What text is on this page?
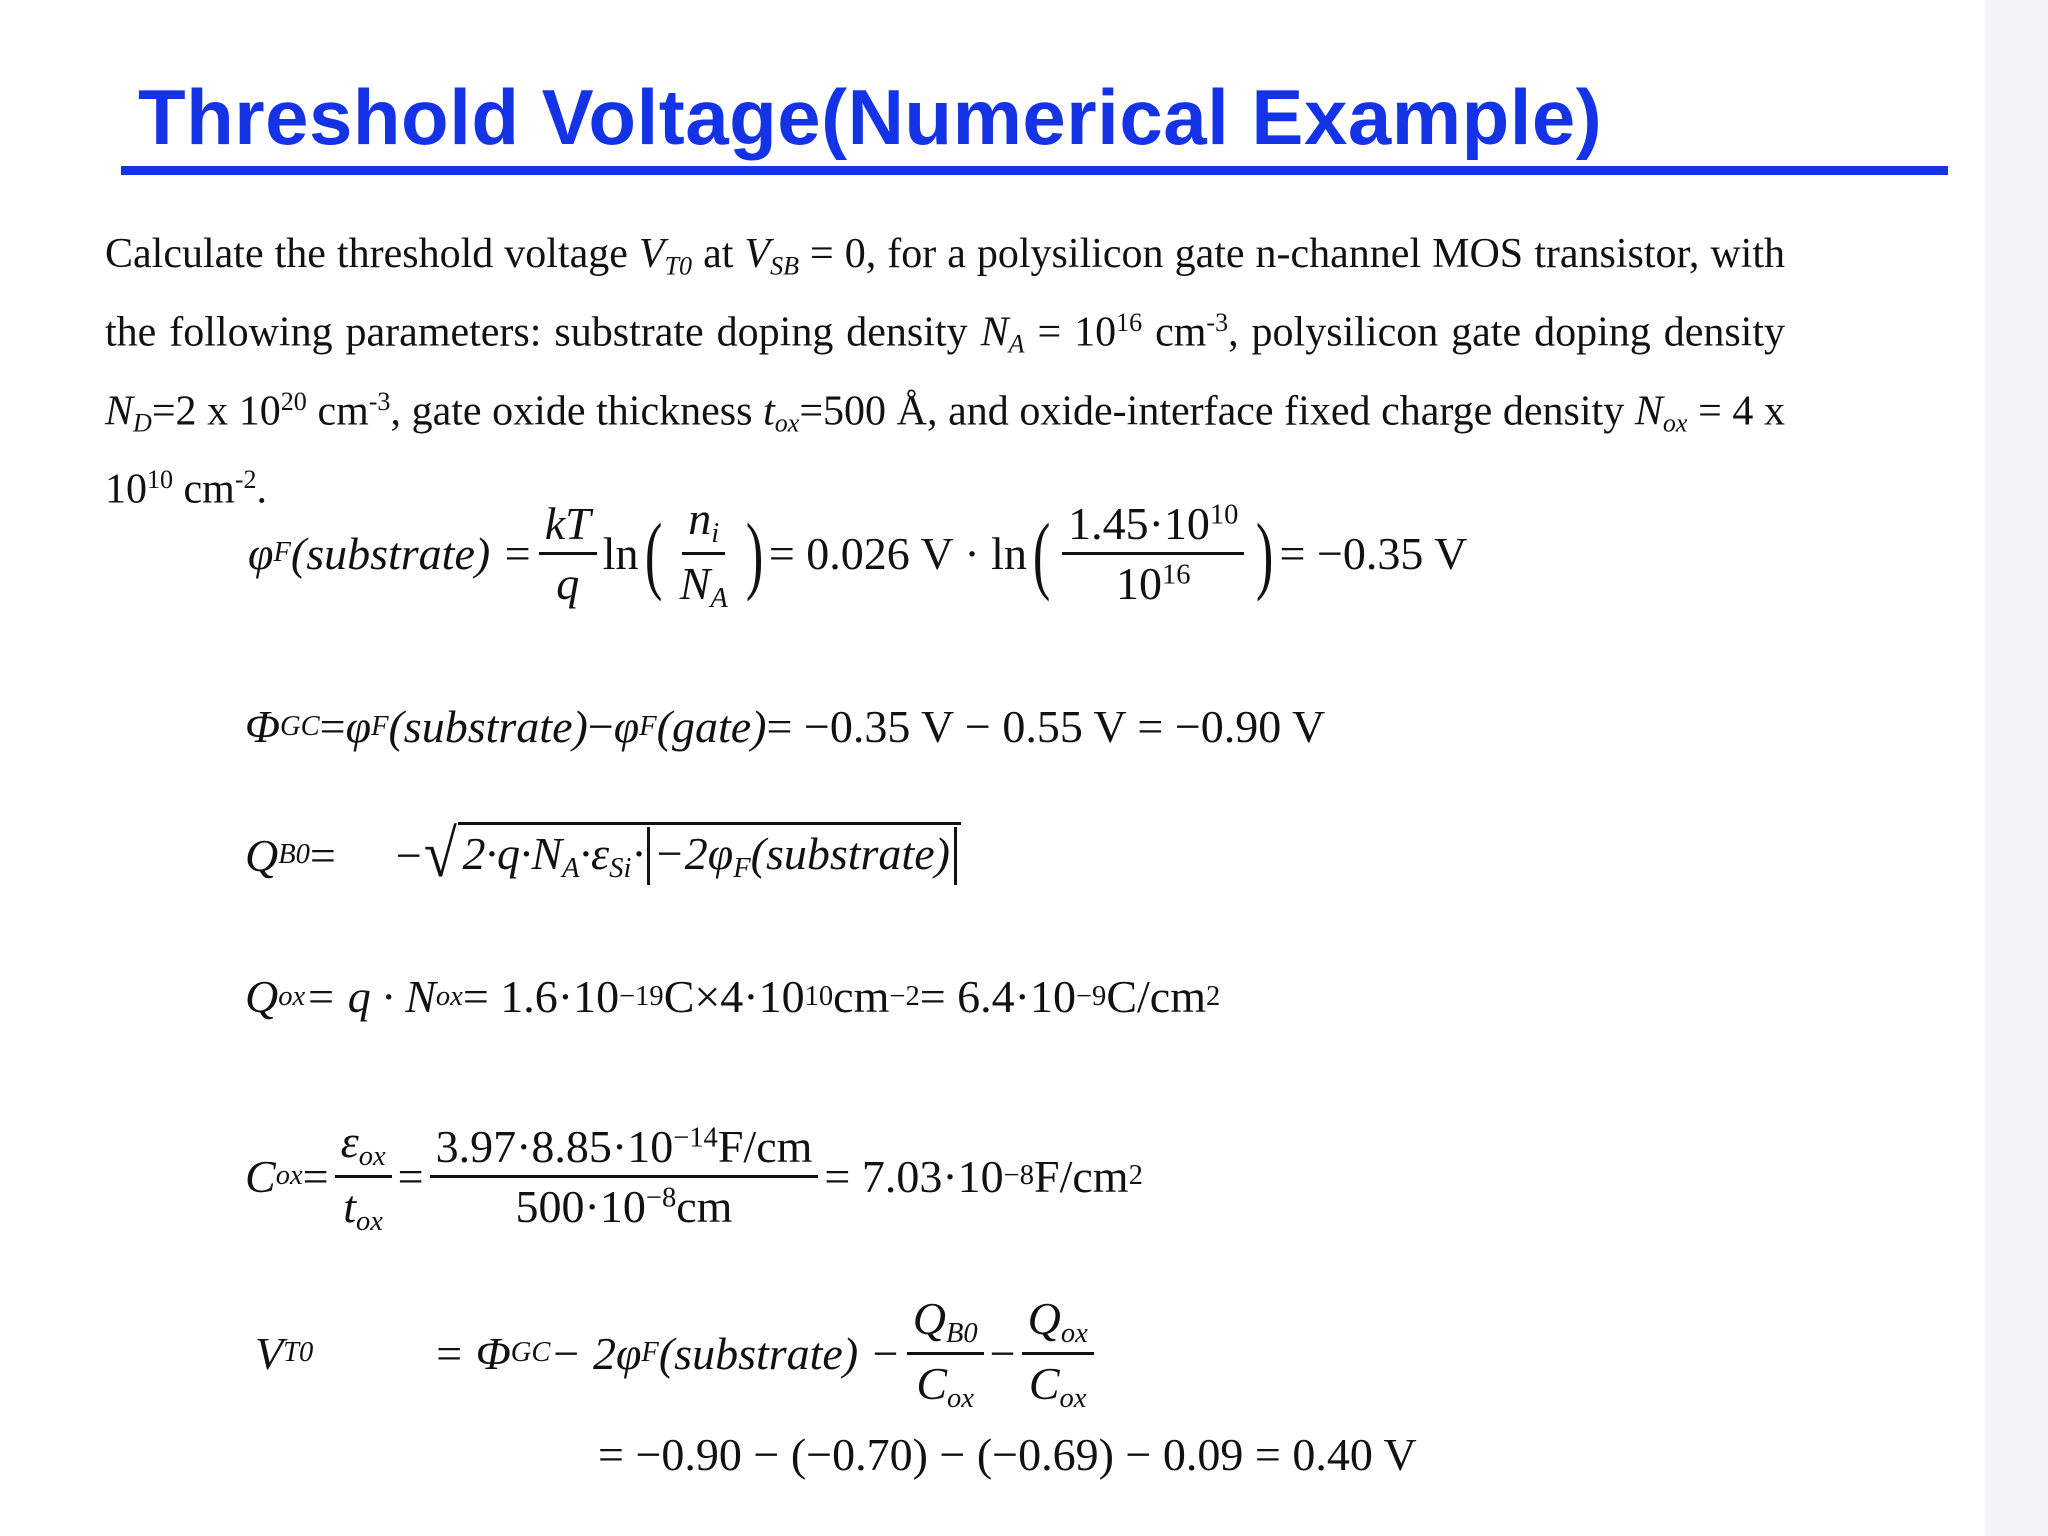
Threshold Voltage(Numerical Example)

Calculate the threshold voltage $V_{T0}$ at $V_{SB} = 0$, for a polysilicon gate n-channel MOS transistor, with the following parameters: substrate doping density $N_A = 10^{16}$ $cm^{-3}$, polysilicon gate doping density $N_D=2$ x $10^{20}$ $cm^{-3}$, gate oxide thickness $t_{ox}=500$ Å, and oxide-interface fixed charge density $N_{ox} = 4$ x $10^{10}$ $cm^{-2}$.

φ F (substrate) = $\frac{kT}{q}$ ln ( $\frac{n_i}{N_A}$ ) = 0.026 V · ln ( $\frac{1.45\cdot 10^{10}}{10^{16}}$ ) = −0.35 V
Φ GC = φ F (substrate) − φ F (gate) = −0.35 V − 0.55 V = −0.90 V
Q B0 = − √ $2\cdot q\cdot N_A\cdot\varepsilon_{Si}\cdot$ $-2\varphi_F(substrate)$
Q ox = q · N ox = 1.6·10 −19 C×4·10 10 cm −2 = 6.4·10 −9 C/cm 2
C ox = $\frac{\varepsilon_{ox}}{t_{ox}} = \frac{3.97\cdot 8.85\cdot 10^{-14}F/cm}{500\cdot 10^{-8}cm} = 7.03\cdot 10 -8$ F/cm 2
V T0	= Φ GC − 2φ F (substrate) − $\frac{Q_{B0}}{C_{ox}} - \frac{Q_{ox}}{C_{ox}}$
= −0.90 − (−0.70) − (−0.69) − 0.09 = 0.40 V
